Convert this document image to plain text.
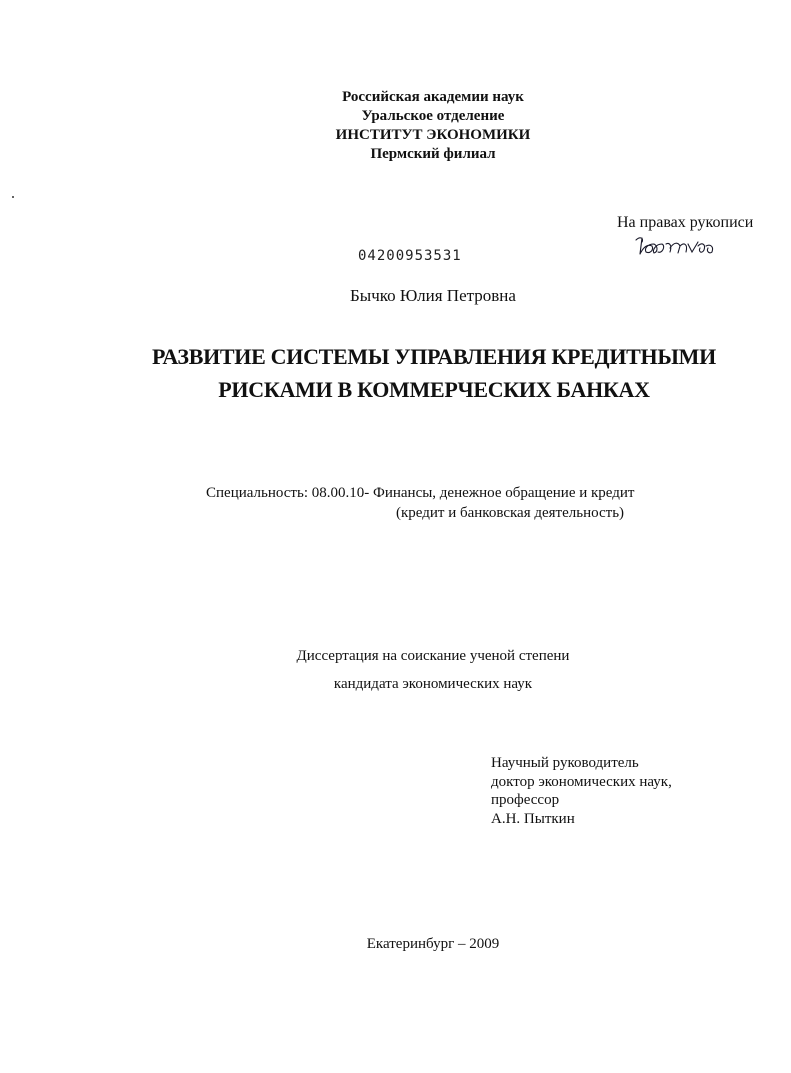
Российская академии наук
Уральское отделение
ИНСТИТУТ ЭКОНОМИКИ
Пермский филиал
На правах рукописи
04200953531
Бычко Юлия Петровна
РАЗВИТИЕ СИСТЕМЫ УПРАВЛЕНИЯ КРЕДИТНЫМИ
РИСКАМИ В КОММЕРЧЕСКИХ БАНКАХ
Специальность: 08.00.10- Финансы, денежное обращение и кредит
(кредит и банковская деятельность)
Диссертация на соискание ученой степени
кандидата экономических наук
Научный руководитель
доктор экономических наук,
профессор
А.Н. Пыткин
Екатеринбург – 2009
